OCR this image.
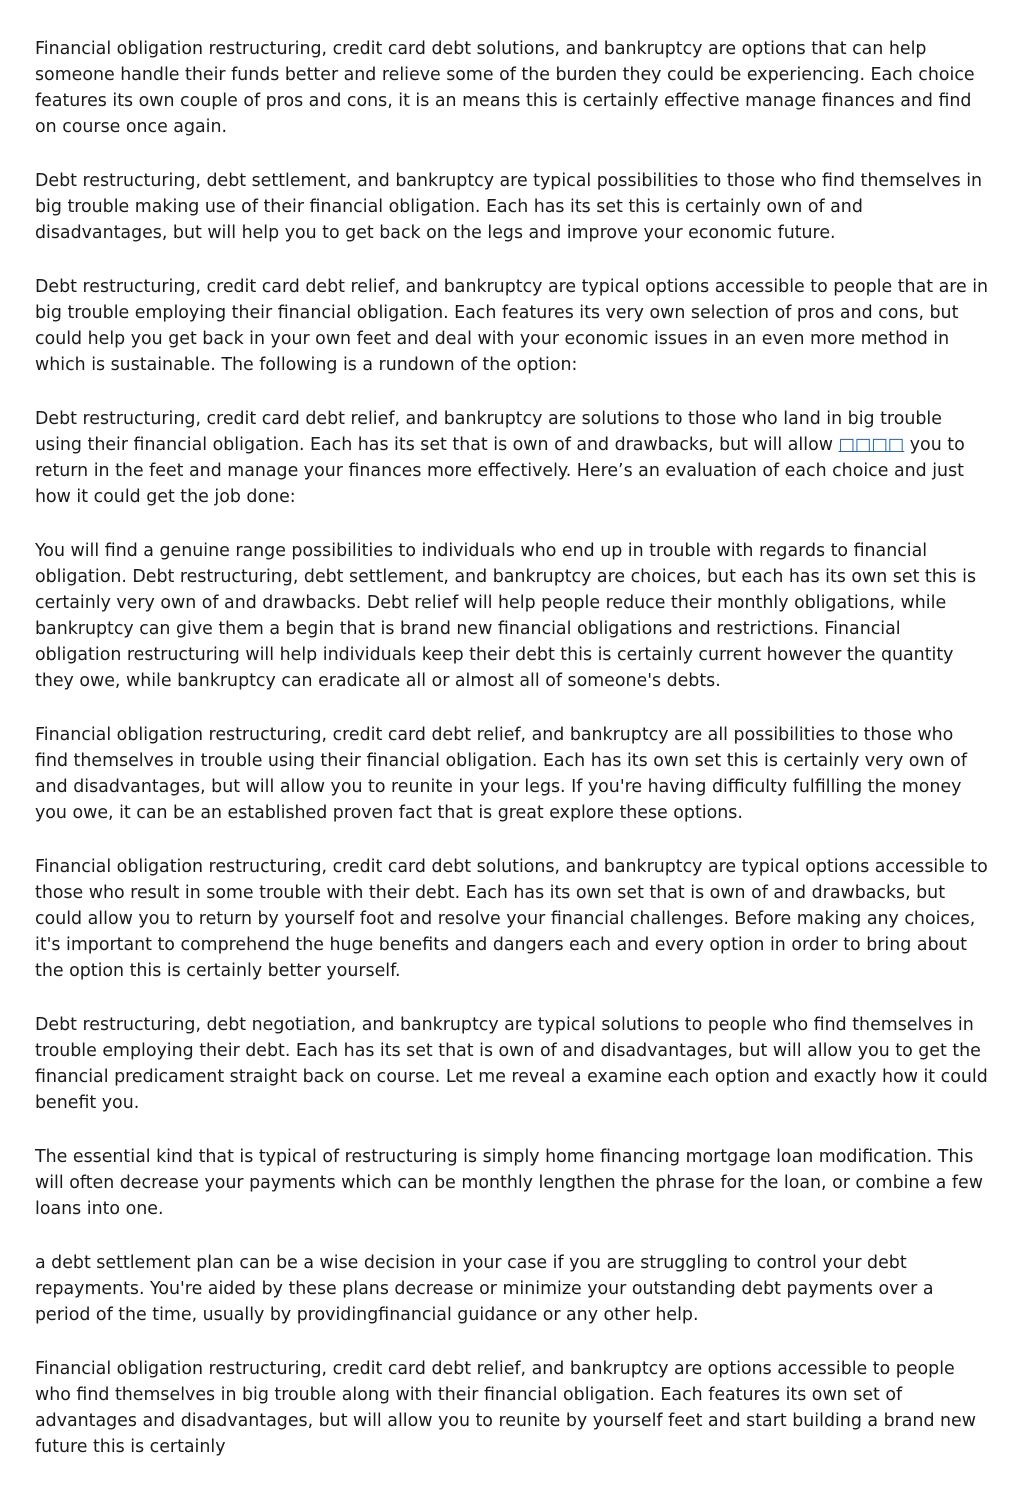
Financial obligation restructuring, credit card debt solutions, and bankruptcy are options that can help someone handle their funds better and relieve some of the burden they could be experiencing. Each choice features its own couple of pros and cons, it is an means this is certainly effective manage finances and find on course once again.

Debt restructuring, debt settlement, and bankruptcy are typical possibilities to those who find themselves in big trouble making use of their financial obligation. Each has its set this is certainly own of and disadvantages, but will help you to get back on the legs and improve your economic future.

Debt restructuring, credit card debt relief, and bankruptcy are typical options accessible to people that are in big trouble employing their financial obligation. Each features its very own selection of pros and cons, but could help you get back in your own feet and deal with your economic issues in an even more method in which is sustainable. The following is a rundown of the option:

Debt restructuring, credit card debt relief, and bankruptcy are solutions to those who land in big trouble using their financial obligation. Each has its set that is own of and drawbacks, but will allow □□□□ you to return in the feet and manage your finances more effectively. Here’s an evaluation of each choice and just how it could get the job done:

You will find a genuine range possibilities to individuals who end up in trouble with regards to financial obligation. Debt restructuring, debt settlement, and bankruptcy are choices, but each has its own set this is certainly very own of and drawbacks. Debt relief will help people reduce their monthly obligations, while bankruptcy can give them a begin that is brand new financial obligations and restrictions. Financial obligation restructuring will help individuals keep their debt this is certainly current however the quantity they owe, while bankruptcy can eradicate all or almost all of someone's debts.

Financial obligation restructuring, credit card debt relief, and bankruptcy are all possibilities to those who find themselves in trouble using their financial obligation. Each has its own set this is certainly very own of and disadvantages, but will allow you to reunite in your legs. If you're having difficulty fulfilling the money you owe, it can be an established proven fact that is great explore these options.

Financial obligation restructuring, credit card debt solutions, and bankruptcy are typical options accessible to those who result in some trouble with their debt. Each has its own set that is own of and drawbacks, but could allow you to return by yourself foot and resolve your financial challenges. Before making any choices, it's important to comprehend the huge benefits and dangers each and every option in order to bring about the option this is certainly better yourself.

Debt restructuring, debt negotiation, and bankruptcy are typical solutions to people who find themselves in trouble employing their debt. Each has its set that is own of and disadvantages, but will allow you to get the financial predicament straight back on course. Let me reveal a examine each option and exactly how it could benefit you.

The essential kind that is typical of restructuring is simply home financing mortgage loan modification. This will often decrease your payments which can be monthly lengthen the phrase for the loan, or combine a few loans into one.

a debt settlement plan can be a wise decision in your case if you are struggling to control your debt repayments. You're aided by these plans decrease or minimize your outstanding debt payments over a period of the time, usually by providingfinancial guidance or any other help.

Financial obligation restructuring, credit card debt relief, and bankruptcy are options accessible to people who find themselves in big trouble along with their financial obligation. Each features its own set of advantages and disadvantages, but will allow you to reunite by yourself feet and start building a brand new future this is certainly
